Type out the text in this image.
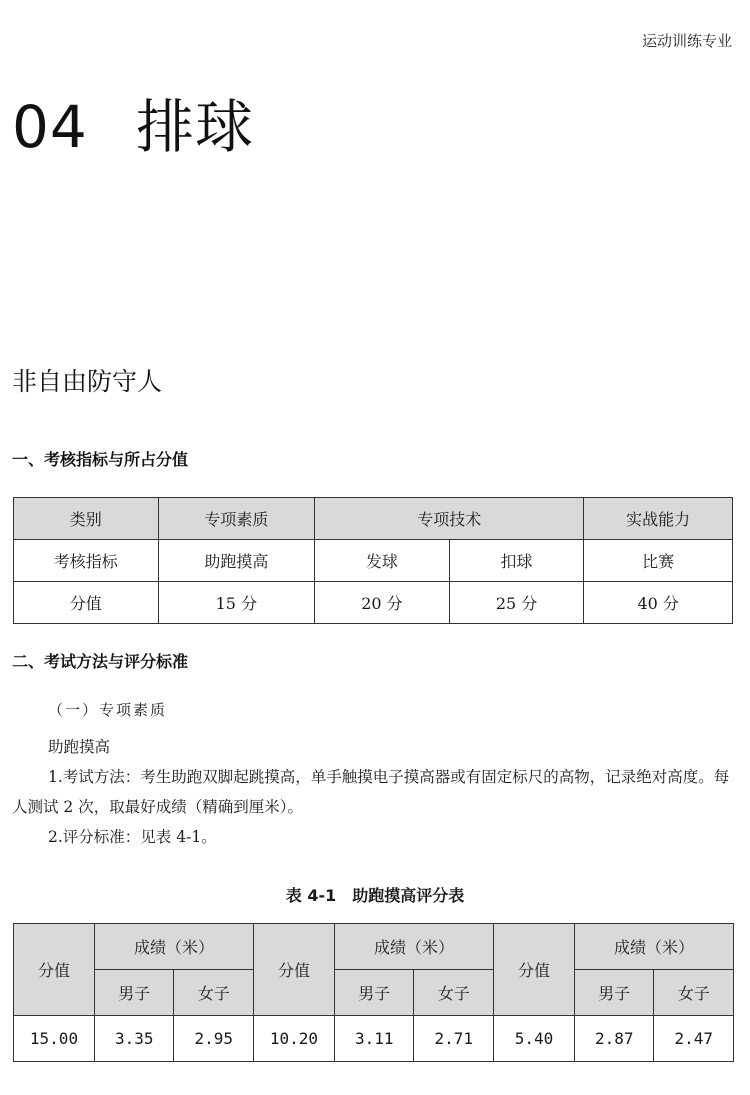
运动训练专业
04 排球
非自由防守人
一、考核指标与所占分值
类别	专项素质	专项技术		实战能力
考核指标	助跑摸高	发球	扣球	比赛
分值	15 分	20 分	25 分	40 分
二、考试方法与评分标准
（一）专项素质
助跑摸高
1.考试方法：考生助跑双脚起跳摸高，单手触摸电子摸高器或有固定标尺的高物，记录绝对高度。每人测试 2 次，取最好成绩（精确到厘米）。
2.评分标准：见表 4-1。
表 4-1　助跑摸高评分表
分值	成绩（米）		分值	成绩（米）		分值	成绩（米）	
	男子	女子		男子	女子		男子	女子
15.00	3.35	2.95	10.20	3.11	2.71	5.40	2.87	2.47
